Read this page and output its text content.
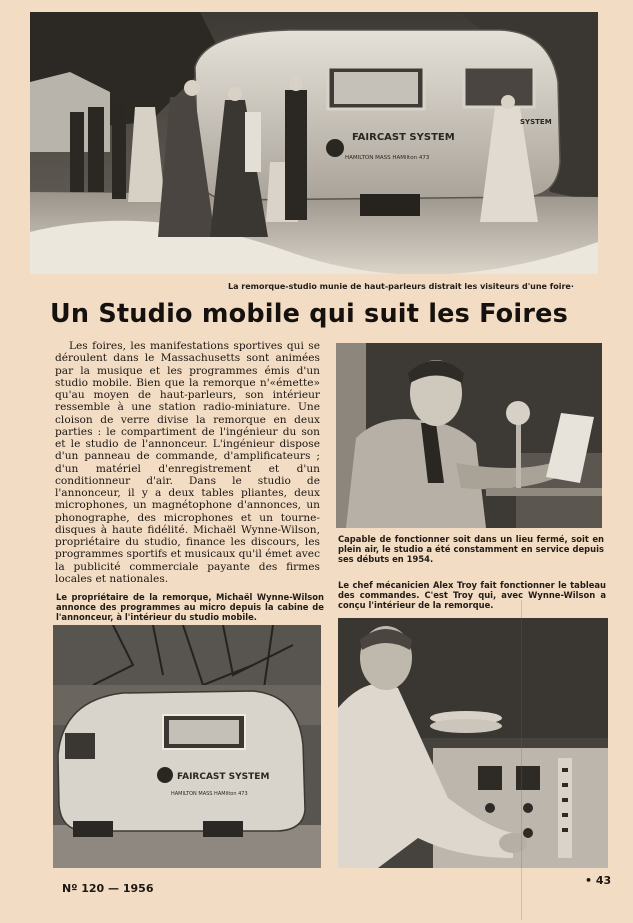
FAIRCAST SYSTEM
HAMILTON MASS HAMilton 473
SYSTEM
La remorque-studio munie de haut-parleurs distrait les visiteurs d'une foire·
Un Studio mobile qui suit les Foires

Les foires, les manifestations sportives qui se déroulent dans le Massachusetts sont animées par la musique et les programmes émis d'un studio mobile. Bien que la remorque n'«émette» qu'au moyen de haut-parleurs, son intérieur ressemble à une station radio-miniature. Une cloison de verre divise la remorque en deux parties : le compartiment de l'ingénieur du son et le studio de l'annonceur. L'ingénieur dispose d'un panneau de commande, d'amplificateurs ; d'un matériel d'enregistrement et d'un conditionneur d'air. Dans le studio de l'annonceur, il y a deux tables pliantes, deux microphones, un magnétophone d'annonces, un phonographe, des microphones et un tourne-disques à haute fidélité. Michaël Wynne-Wilson, propriétaire du studio, finance les discours, les programmes sportifs et musicaux qu'il émet avec la publicité commerciale payante des firmes locales et nationales.

Capable de fonctionner soit dans un lieu fermé, soit en plein air, le studio a été constamment en service depuis ses débuts en 1954.
Le propriétaire de la remorque, Michaël Wynne-Wilson annonce des programmes au micro depuis la cabine de l'annonceur, à l'intérieur du studio mobile.
Le chef mécanicien Alex Troy fait fonctionner le tableau des commandes. C'est Troy qui, avec Wynne-Wilson a conçu l'intérieur de la remorque.
FAIRCAST SYSTEM
HAMILTON MASS HAMilton 473
Nº 120 — 1956
• 43
